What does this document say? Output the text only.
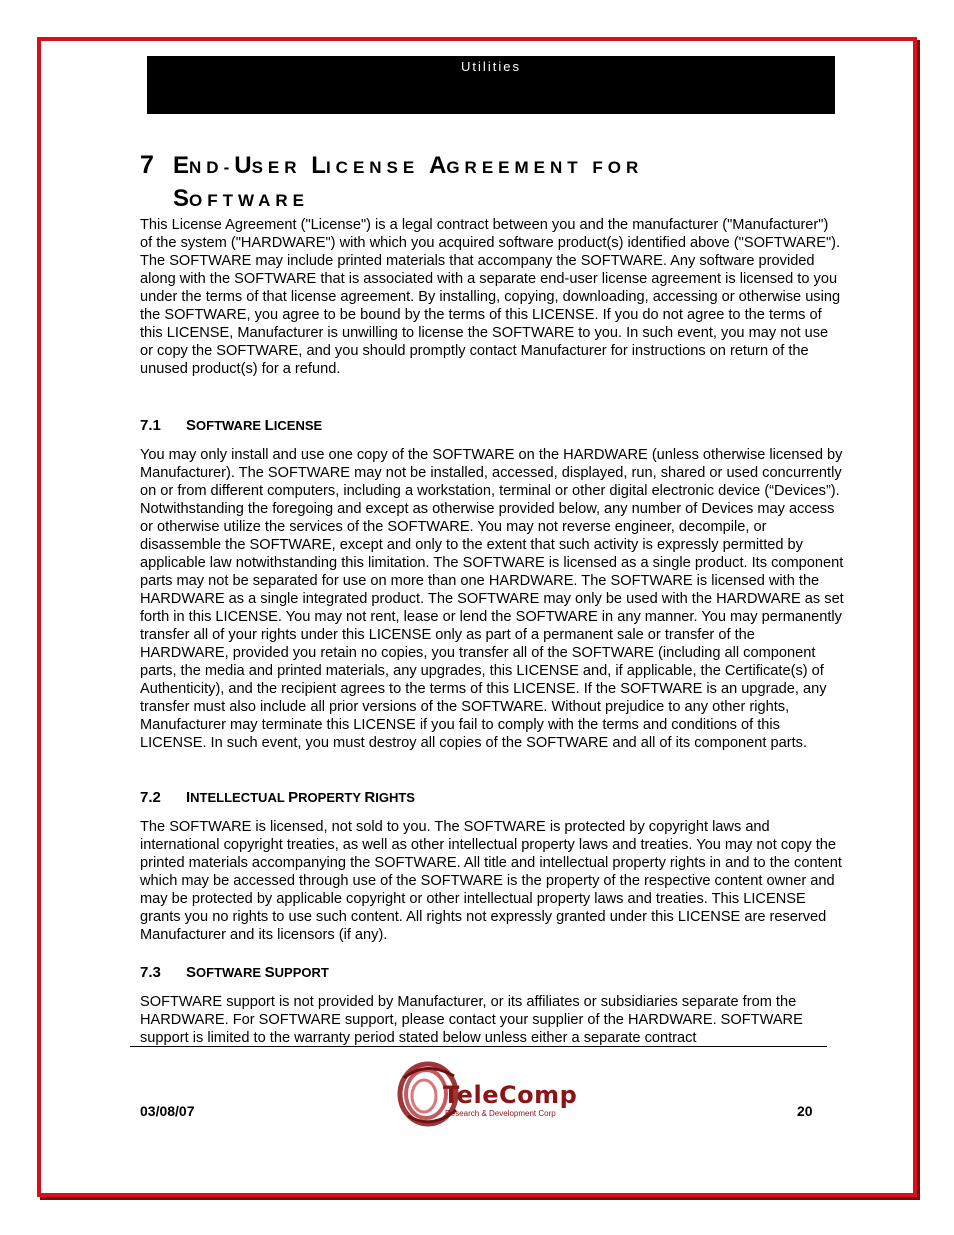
Utilities
7 END-USER LICENSE AGREEMENT FOR
SOFTWARE

This License Agreement ("License") is a legal contract between you and the manufacturer ("Manufacturer") of the system ("HARDWARE") with which you acquired software product(s) identified above ("SOFTWARE"). The SOFTWARE may include printed materials that accompany the SOFTWARE. Any software provided along with the SOFTWARE that is associated with a separate end-user license agreement is licensed to you under the terms of that license agreement. By installing, copying, downloading, accessing or otherwise using the SOFTWARE, you agree to be bound by the terms of this LICENSE. If you do not agree to the terms of this LICENSE, Manufacturer is unwilling to license the SOFTWARE to you. In such event, you may not use or copy the SOFTWARE, and you should promptly contact Manufacturer for instructions on return of the unused product(s) for a refund.

7.1 SOFTWARE LICENSE

You may only install and use one copy of the SOFTWARE on the HARDWARE (unless otherwise licensed by Manufacturer). The SOFTWARE may not be installed, accessed, displayed, run, shared or used concurrently on or from different computers, including a workstation, terminal or other digital electronic device (“Devices”). Notwithstanding the foregoing and except as otherwise provided below, any number of Devices may access or otherwise utilize the services of the SOFTWARE. You may not reverse engineer, decompile, or disassemble the SOFTWARE, except and only to the extent that such activity is expressly permitted by applicable law notwithstanding this limitation. The SOFTWARE is licensed as a single product. Its component parts may not be separated for use on more than one HARDWARE. The SOFTWARE is licensed with the HARDWARE as a single integrated product. The SOFTWARE may only be used with the HARDWARE as set forth in this LICENSE. You may not rent, lease or lend the SOFTWARE in any manner. You may permanently transfer all of your rights under this LICENSE only as part of a permanent sale or transfer of the HARDWARE, provided you retain no copies, you transfer all of the SOFTWARE (including all component parts, the media and printed materials, any upgrades, this LICENSE and, if applicable, the Certificate(s) of Authenticity), and the recipient agrees to the terms of this LICENSE. If the SOFTWARE is an upgrade, any transfer must also include all prior versions of the SOFTWARE. Without prejudice to any other rights, Manufacturer may terminate this LICENSE if you fail to comply with the terms and conditions of this LICENSE. In such event, you must destroy all copies of the SOFTWARE and all of its component parts.

7.2 INTELLECTUAL PROPERTY RIGHTS

The SOFTWARE is licensed, not sold to you. The SOFTWARE is protected by copyright laws and international copyright treaties, as well as other intellectual property laws and treaties. You may not copy the printed materials accompanying the SOFTWARE. All title and intellectual property rights in and to the content which may be accessed through use of the SOFTWARE is the property of the respective content owner and may be protected by applicable copyright or other intellectual property laws and treaties. This LICENSE grants you no rights to use such content. All rights not expressly granted under this LICENSE are reserved Manufacturer and its licensors (if any).

7.3 SOFTWARE SUPPORT

SOFTWARE support is not provided by Manufacturer, or its affiliates or subsidiaries separate from the HARDWARE. For SOFTWARE support, please contact your supplier of the HARDWARE. SOFTWARE support is limited to the warranty period stated below unless either a separate contract

03/08/07	20
TeleComp
Research & Development Corp
